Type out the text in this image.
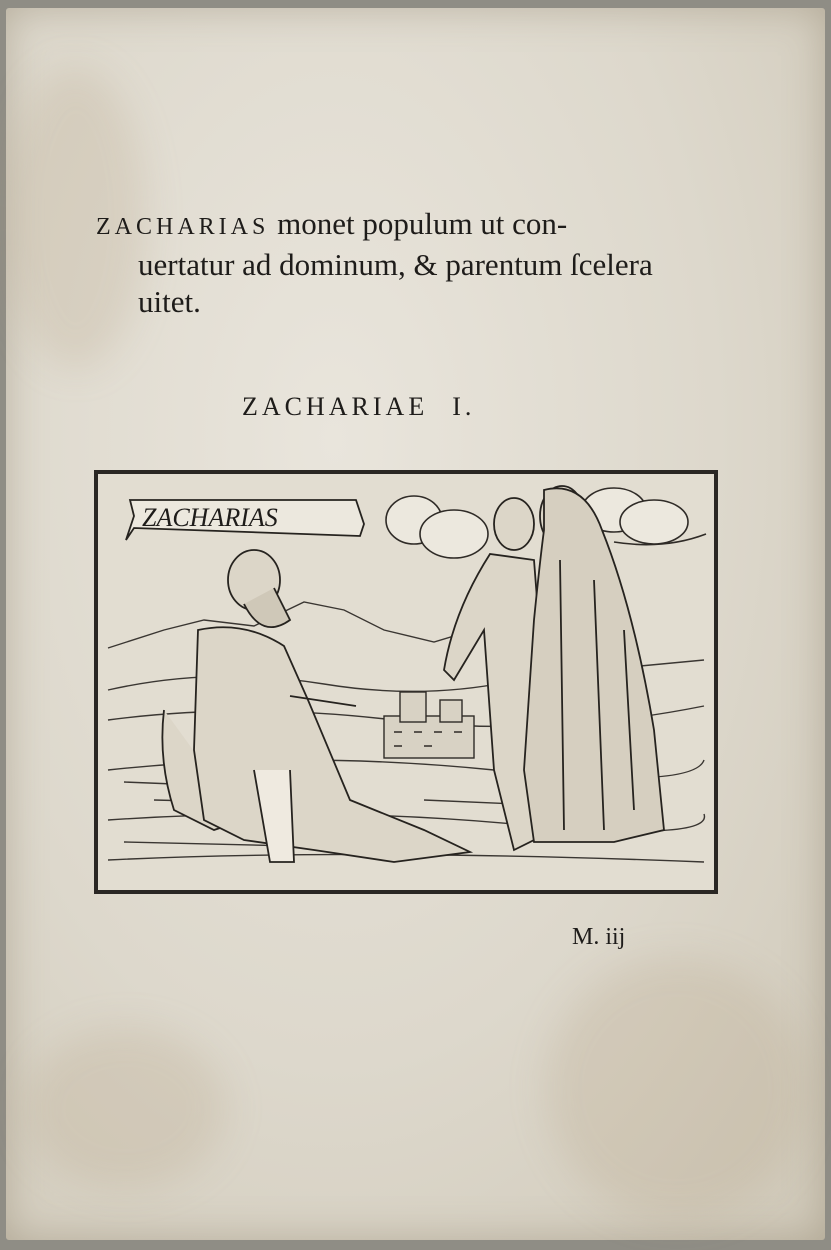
ZACHARIAS monet populum ut con-
uertatur ad dominum, & parentum ſcelera
uitet.
ZACHARIAE I.
ZACHARIAS
M. iij
